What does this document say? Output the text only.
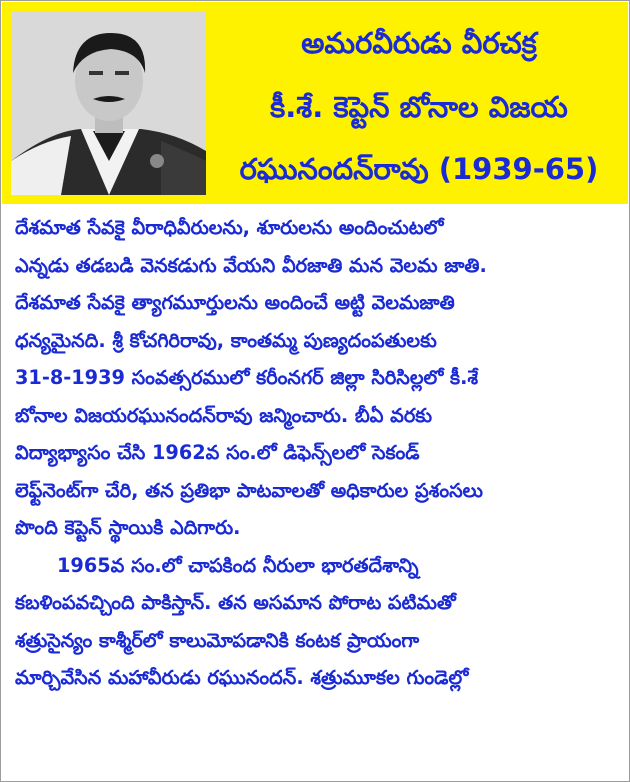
అమరవీరుడు వీరచక్ర
కీ.శే. కెప్టెన్ బోనాల విజయ
రఘునందన్‌రావు (1939-65)
దేశమాత సేవకై వీరాధివీరులను, శూరులను అందించుటలో
ఎన్నడు తడబడి వెనకడుగు వేయని వీరజాతి మన వెలమ జాతి.
దేశమాత సేవకై త్యాగమూర్తులను అందించే అట్టి వెలమజాతి
ధన్యమైనది. శ్రీ కోచగిరిరావు, కాంతమ్మ పుణ్యదంపతులకు
31-8-1939 సంవత్సరములో కరీంనగర్ జిల్లా సిరిసిల్లలో కీ.శే
బోనాల విజయరఘునందన్‌రావు జన్మించారు. బీఏ వరకు
విద్యాభ్యాసం చేసి 1962వ సం.లో డిఫెన్స్‌లలో సెకండ్
లెఫ్ట్‌నెంట్‌గా చేరి, తన ప్రతిభా పాటవాలతో అధికారుల ప్రశంసలు
పొంది కెప్టెన్ స్థాయికి ఎదిగారు.
1965వ సం.లో చాపకింద నీరులా భారతదేశాన్ని
కబళింపవచ్చింది పాకిస్తాన్. తన అసమాన పోరాట పటిమతో
శత్రుసైన్యం కాశ్మీర్‌లో కాలుమోపడానికి కంటక ప్రాయంగా
మార్చివేసిన మహావీరుడు రఘునందన్. శత్రుమూకల గుండెల్లో
